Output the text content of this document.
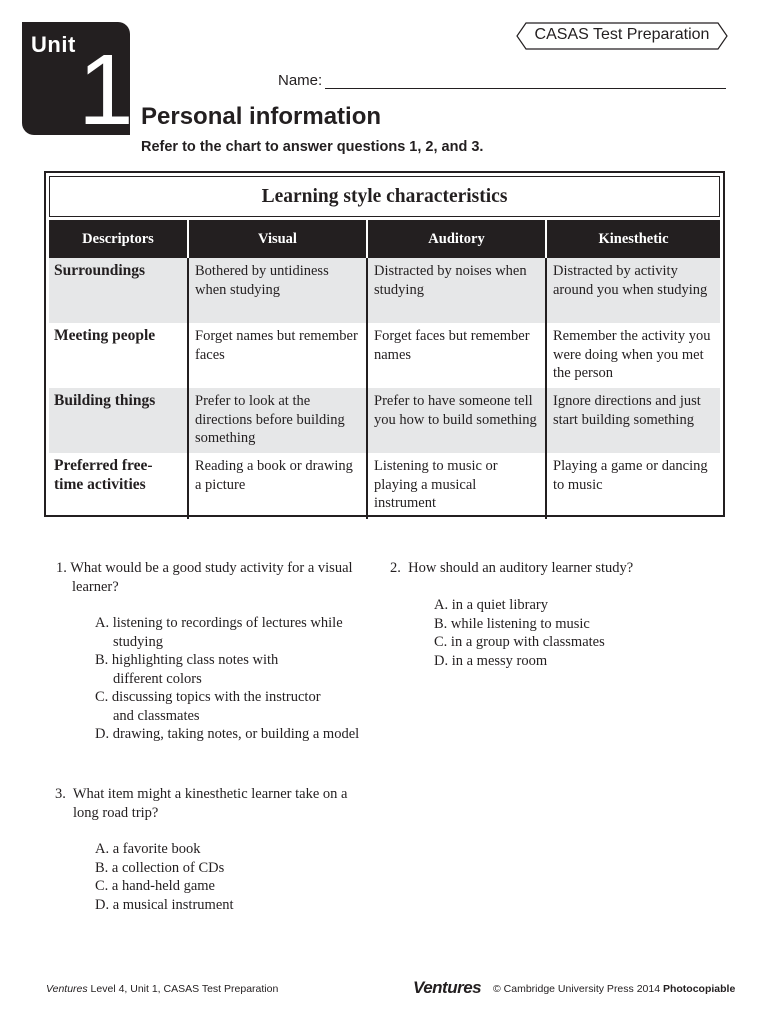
Unit 1	CASAS Test Preparation
Name:
Personal information
Refer to the chart to answer questions 1, 2, and 3.
Learning style characteristics
Descriptors	Visual	Auditory	Kinesthetic
Surroundings	Bothered by untidiness when studying	Distracted by noises when studying	Distracted by activity around you when studying
Meeting people	Forget names but remember faces	Forget faces but remember names	Remember the activity you were doing when you met the person
Building things	Prefer to look at the directions before building something	Prefer to have someone tell you how to build something	Ignore directions and just start building something
Preferred free-time activities	Reading a book or drawing a picture	Listening to music or playing a musical instrument	Playing a game or dancing to music
1. What would be a good study activity for a visual
learner?
A. listening to recordings of lectures while
studying
B. highlighting class notes with
different colors
C. discussing topics with the instructor
and classmates
D. drawing, taking notes, or building a model
2. How should an auditory learner study?
A. in a quiet library
B. while listening to music
C. in a group with classmates
D. in a messy room
3. What item might a kinesthetic learner take on a
long road trip?
A. a favorite book
B. a collection of CDs
C. a hand-held game
D. a musical instrument
Ventures Level 4, Unit 1, CASAS Test Preparation	Ventures © Cambridge University Press 2014 Photocopiable
